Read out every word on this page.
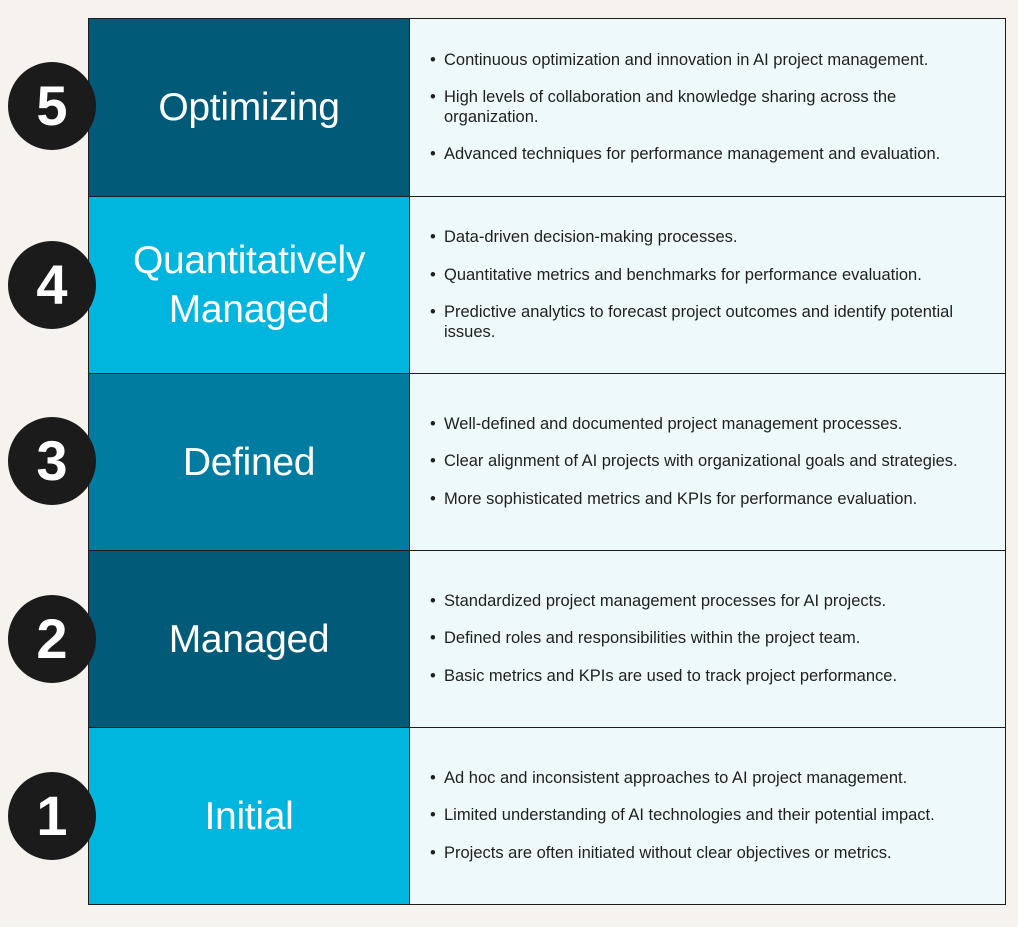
Optimizing
• Continuous optimization and innovation in AI project management.
• High levels of collaboration and knowledge sharing across the organization.
• Advanced techniques for performance management and evaluation.
Quantitatively Managed
• Data-driven decision-making processes.
• Quantitative metrics and benchmarks for performance evaluation.
• Predictive analytics to forecast project outcomes and identify potential issues.
Defined
• Well-defined and documented project management processes.
• Clear alignment of AI projects with organizational goals and strategies.
• More sophisticated metrics and KPIs for performance evaluation.
Managed
• Standardized project management processes for AI projects.
• Defined roles and responsibilities within the project team.
• Basic metrics and KPIs are used to track project performance.
Initial
• Ad hoc and inconsistent approaches to AI project management.
• Limited understanding of AI technologies and their potential impact.
• Projects are often initiated without clear objectives or metrics.
5
4
3
2
1
